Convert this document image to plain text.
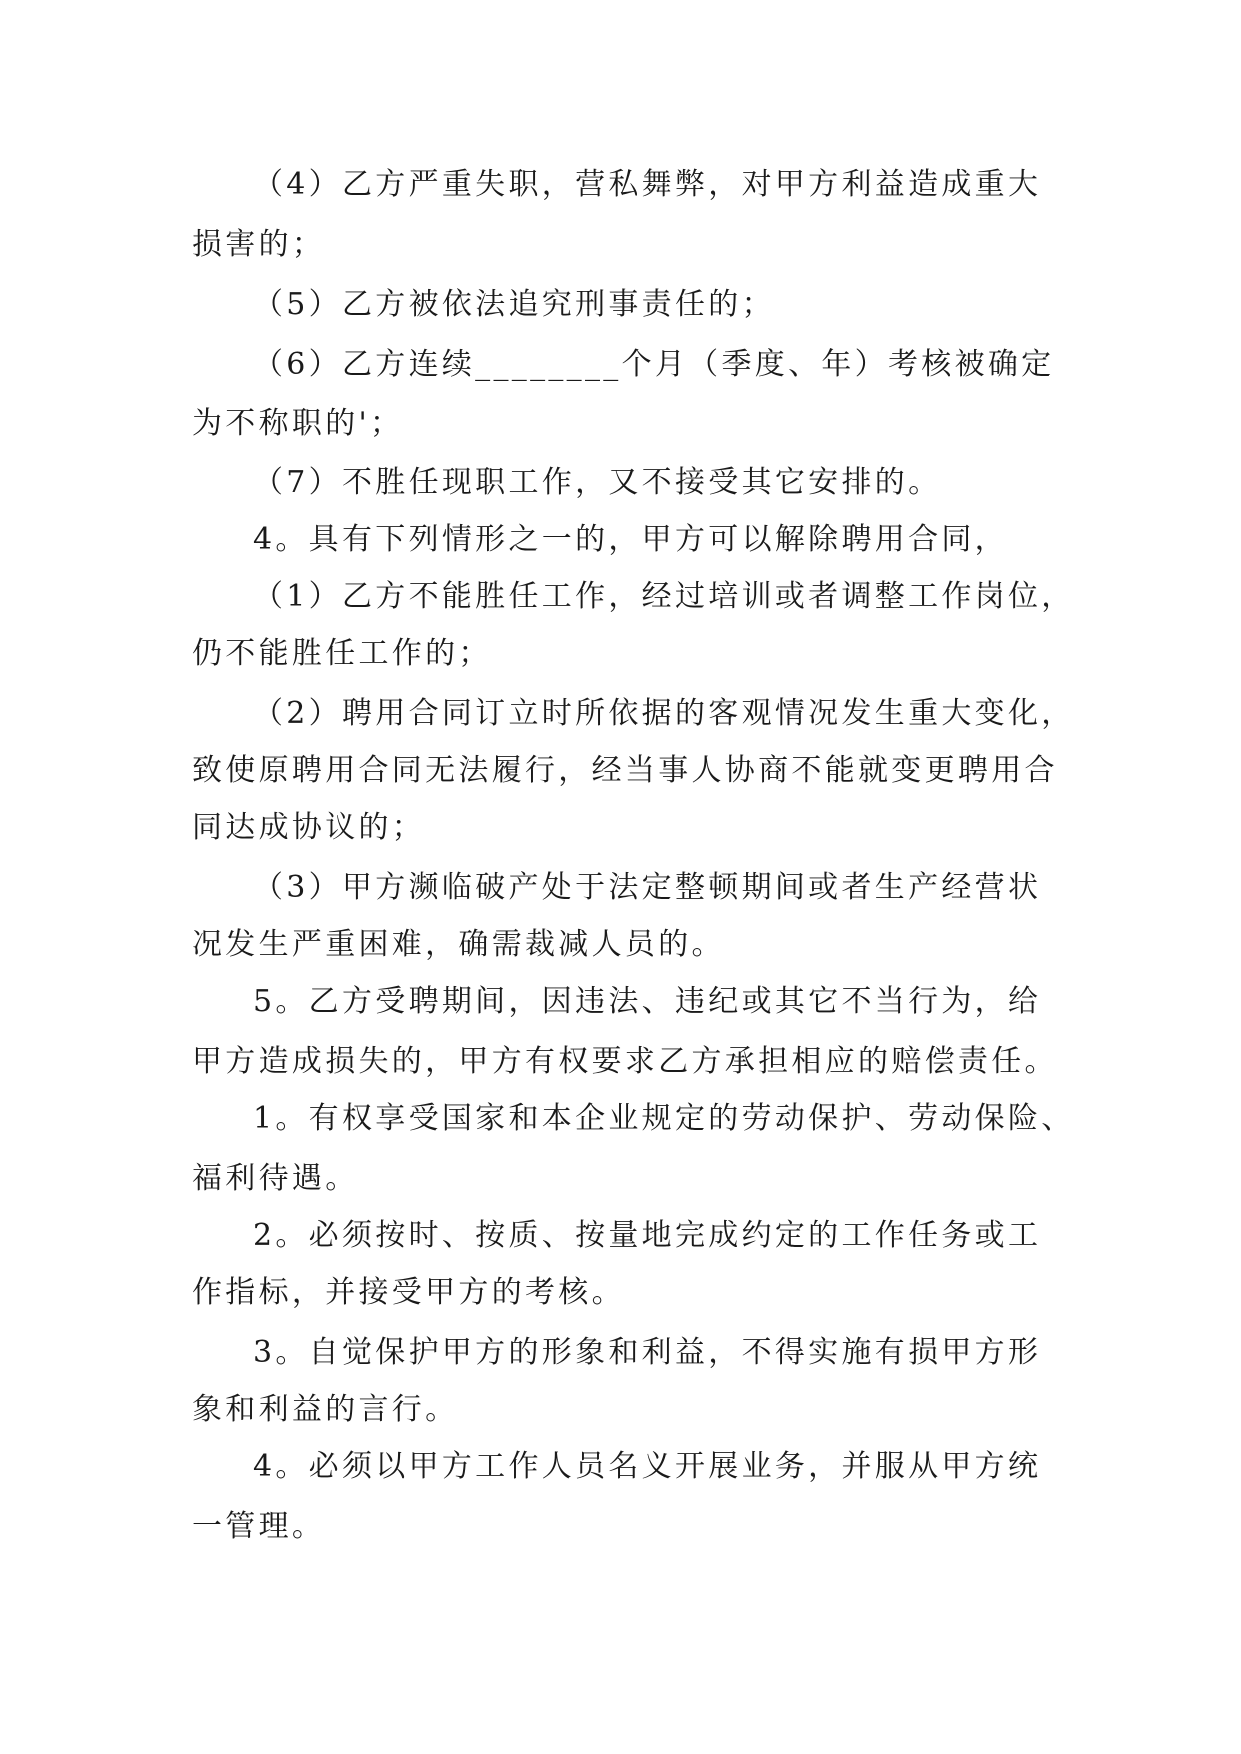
（4）乙方严重失职，营私舞弊，对甲方利益造成重大
损害的；
（5）乙方被依法追究刑事责任的；
（6）乙方连续________个月（季度、年）考核被确定
为不称职的'；
（7）不胜任现职工作，又不接受其它安排的。
4。具有下列情形之一的，甲方可以解除聘用合同，
（1）乙方不能胜任工作，经过培训或者调整工作岗位，
仍不能胜任工作的；
（2）聘用合同订立时所依据的客观情况发生重大变化，
致使原聘用合同无法履行，经当事人协商不能就变更聘用合
同达成协议的；
（3）甲方濒临破产处于法定整顿期间或者生产经营状
况发生严重困难，确需裁减人员的。
5。乙方受聘期间，因违法、违纪或其它不当行为，给
甲方造成损失的，甲方有权要求乙方承担相应的赔偿责任。
1。有权享受国家和本企业规定的劳动保护、劳动保险、
福利待遇。
2。必须按时、按质、按量地完成约定的工作任务或工
作指标，并接受甲方的考核。
3。自觉保护甲方的形象和利益，不得实施有损甲方形
象和利益的言行。
4。必须以甲方工作人员名义开展业务，并服从甲方统
一管理。
